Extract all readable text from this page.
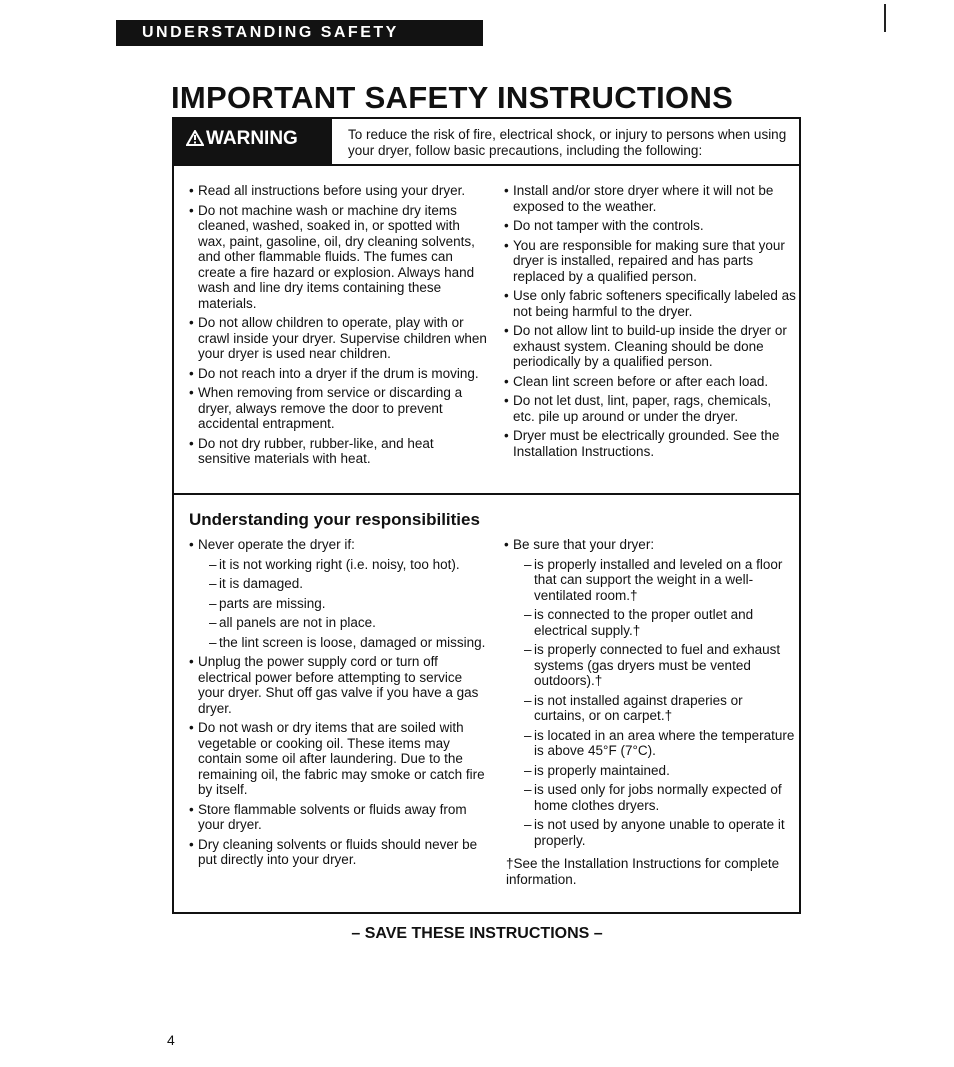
UNDERSTANDING SAFETY
IMPORTANT SAFETY INSTRUCTIONS
WARNING	To reduce the risk of fire, electrical shock, or injury to persons when using your dryer, follow basic precautions, including the following:
• Read all instructions before using your dryer.
• Do not machine wash or machine dry items cleaned, washed, soaked in, or spotted with wax, paint, gasoline, oil, dry cleaning solvents, and other flammable fluids. The fumes can create a fire hazard or explosion. Always hand wash and line dry items containing these materials.
• Do not allow children to operate, play with or crawl inside your dryer. Supervise children when your dryer is used near children.
• Do not reach into a dryer if the drum is moving.
• When removing from service or discarding a dryer, always remove the door to prevent accidental entrapment.
• Do not dry rubber, rubber-like, and heat sensitive materials with heat.
• Install and/or store dryer where it will not be exposed to the weather.
• Do not tamper with the controls.
• You are responsible for making sure that your dryer is installed, repaired and has parts replaced by a qualified person.
• Use only fabric softeners specifically labeled as not being harmful to the dryer.
• Do not allow lint to build-up inside the dryer or exhaust system. Cleaning should be done periodically by a qualified person.
• Clean lint screen before or after each load.
• Do not let dust, lint, paper, rags, chemicals, etc. pile up around or under the dryer.
• Dryer must be electrically grounded. See the Installation Instructions.
Understanding your responsibilities
• Never operate the dryer if:
– it is not working right (i.e. noisy, too hot).
– it is damaged.
– parts are missing.
– all panels are not in place.
– the lint screen is loose, damaged or missing.
• Unplug the power supply cord or turn off electrical power before attempting to service your dryer. Shut off gas valve if you have a gas dryer.
• Do not wash or dry items that are soiled with vegetable or cooking oil. These items may contain some oil after laundering. Due to the remaining oil, the fabric may smoke or catch fire by itself.
• Store flammable solvents or fluids away from your dryer.
• Dry cleaning solvents or fluids should never be put directly into your dryer.
• Be sure that your dryer:
– is properly installed and leveled on a floor that can support the weight in a well-ventilated room.†
– is connected to the proper outlet and electrical supply.†
– is properly connected to fuel and exhaust systems (gas dryers must be vented outdoors).†
– is not installed against draperies or curtains, or on carpet.†
– is located in an area where the temperature is above 45°F (7°C).
– is properly maintained.
– is used only for jobs normally expected of home clothes dryers.
– is not used by anyone unable to operate it properly.
†See the Installation Instructions for complete information.

– SAVE THESE INSTRUCTIONS –

4
